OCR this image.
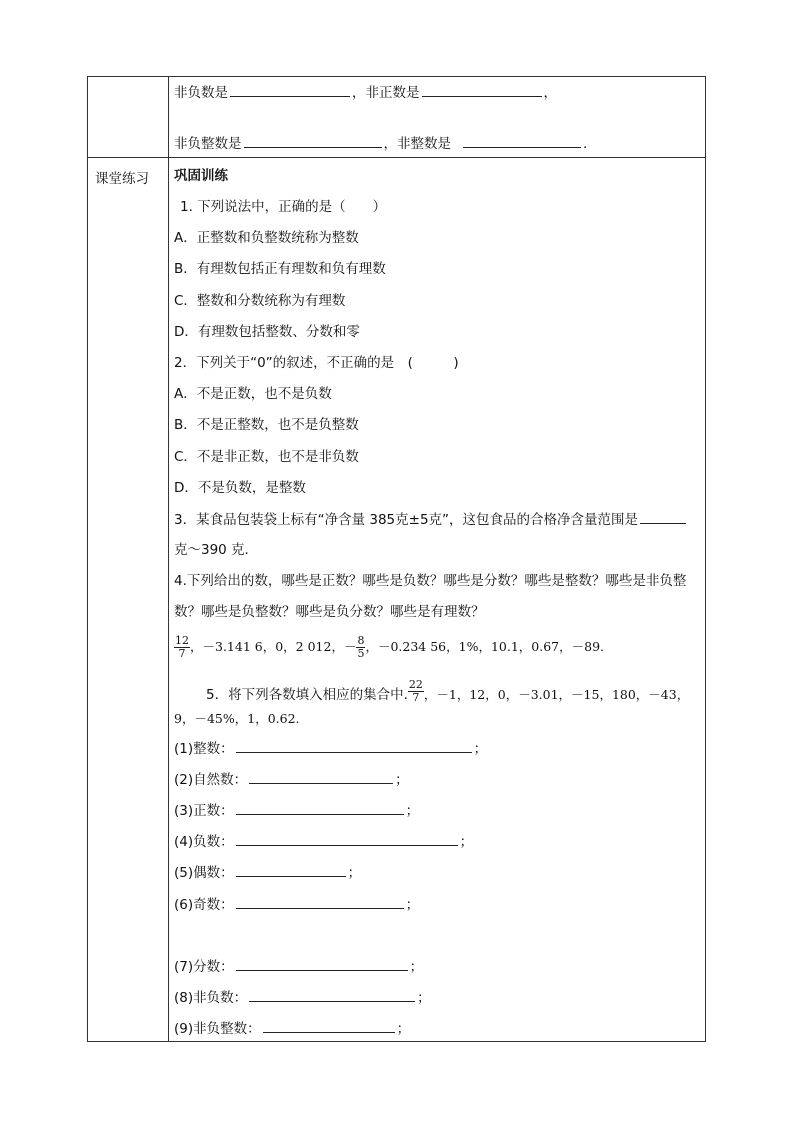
非负数是	，非正数是	，
非负整数是	，非整数是	.
课堂练习 巩固训练
1. 下列说法中，正确的是（　　）
A．正整数和负整数统称为整数
B．有理数包括正有理数和负有理数
C．整数和分数统称为有理数
D．有理数包括整数、分数和零
2．下列关于“0”的叙述，不正确的是　(　　　)
A．不是正数，也不是负数
B．不是正整数，也不是负整数
C．不是非正数，也不是非负数
D．不是负数，是整数
3．某食品包装袋上标有“净含量 385克±5克”，这包食品的合格净含量范围是
克～390 克．
4.下列给出的数，哪些是正数？哪些是负数？哪些是分数？哪些是整数？哪些是非负整
数？哪些是负整数？哪些是负分数？哪些是有理数？
$\frac{12}{7}$ ，－3.141 6，0，2 012，－ $\frac{8}{5}$ ，－0.234 56，1%，10.1，0.67，－89.
5．将下列各数填入相应的集合中. $\frac{22}{7}$ ，－1，12，0，－3.01，－15，180，－43，
9，－45%，1，0.62.
(1)整数：	；
(2)自然数：	；
(3)正数：	；
(4)负数：	；
(5)偶数：	；
(6)奇数：	；
(7)分数：	；
(8)非负数：	；
(9)非负整数：	；
